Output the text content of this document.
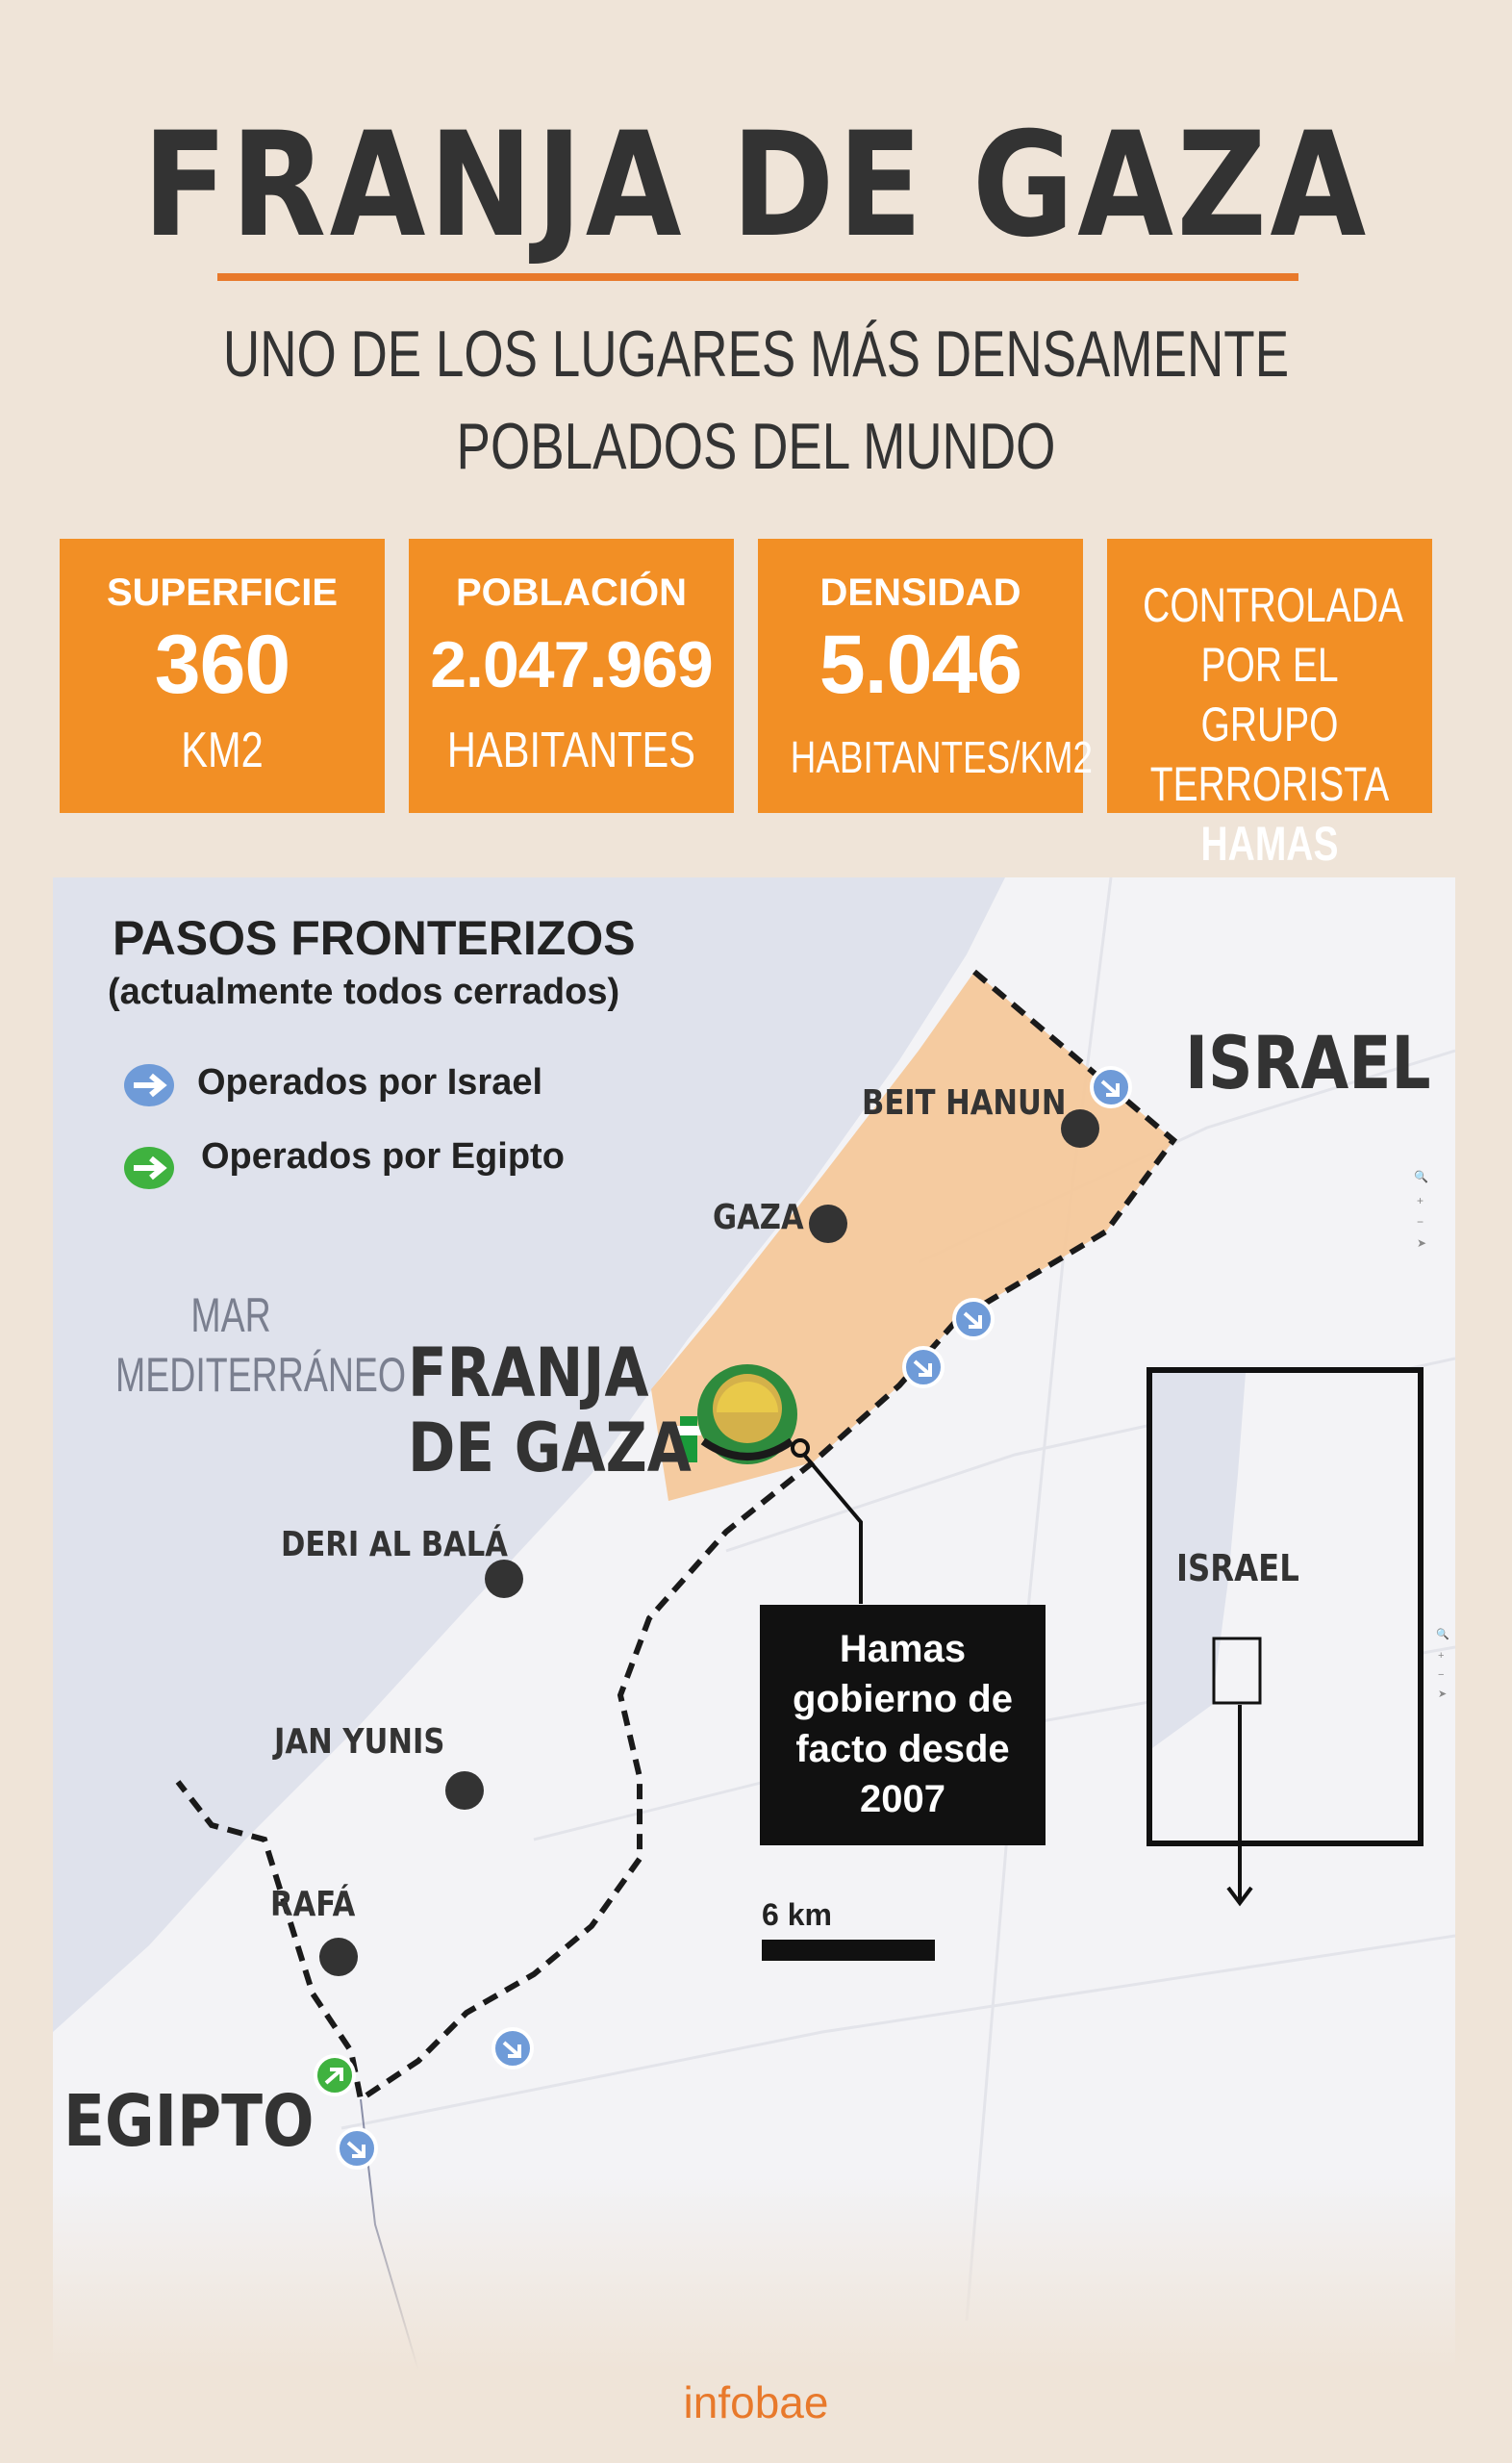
FRANJA DE GAZA
UNO DE LOS LUGARES MÁS DENSAMENTE
POBLADOS DEL MUNDO
SUPERFICIE
360
KM2
POBLACIÓN
2.047.969
HABITANTES
DENSIDAD
5.046
HABITANTES/KM2
CONTROLADA POR EL
GRUPO TERRORISTA
HAMAS
🔍
+
−
➤
🔍
+
−
➤
PASOS FRONTERIZOS
(actualmente todos cerrados)
Operados por Israel
Operados por Egipto
MAR
MEDITERRÁNEO
ISRAEL
EGIPTO
FRANJA
DE GAZA
BEIT HANUN
GAZA
DERI AL BALÁ
JAN YUNIS
RAFÁ
ISRAEL
Hamas
gobierno de
facto desde
2007
6 km
infobae
